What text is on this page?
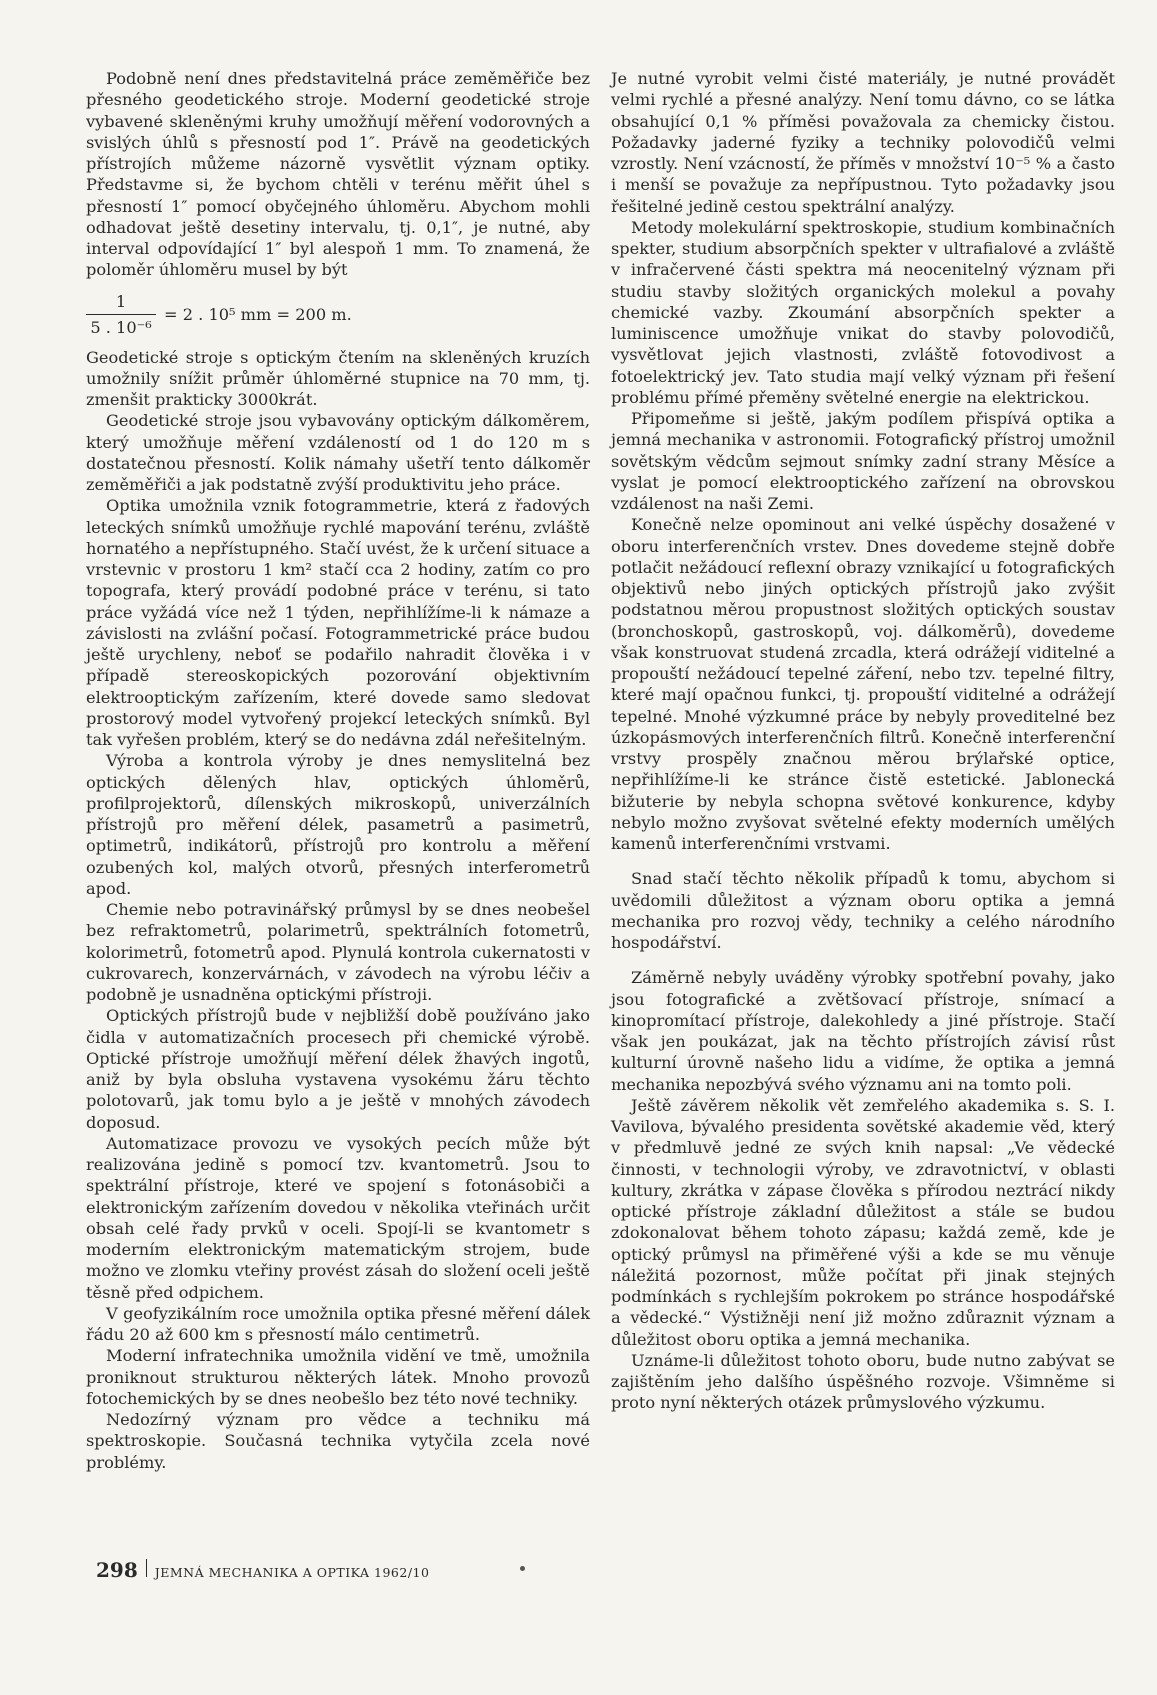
Podobně není dnes představitelná práce zeměměřiče bez přesného geodetického stroje. Moderní geodetické stroje vybavené skleněnými kruhy umožňují měření vodorovných a svislých úhlů s přesností pod 1″. Právě na geodetických přístrojích můžeme názorně vysvětlit význam optiky. Představme si, že bychom chtěli v terénu měřit úhel s přesností 1″ pomocí obyčejného úhloměru. Abychom mohli odhadovat ještě desetiny intervalu, tj. 0,1″, je nutné, aby interval odpovídající 1″ byl alespoň 1 mm. To znamená, že poloměr úhloměru musel by být

$\frac{1}{\text{5 . 10⁻⁶}} = 2$ . 10⁵ mm = 200 m.

Geodetické stroje s optickým čtením na skleněných kruzích umožnily snížit průměr úhloměrné stupnice na 70 mm, tj. zmenšit prakticky 3000krát.

Geodetické stroje jsou vybavovány optickým dálkoměrem, který umožňuje měření vzdáleností od 1 do 120 m s dostatečnou přesností. Kolik námahy ušetří tento dálkoměr zeměměřiči a jak podstatně zvýší produktivitu jeho práce.

Optika umožnila vznik fotogrammetrie, která z řadových leteckých snímků umožňuje rychlé mapování terénu, zvláště hornatého a nepřístupného. Stačí uvést, že k určení situace a vrstevnic v prostoru 1 km² stačí cca 2 hodiny, zatím co pro topografa, který provádí podobné práce v terénu, si tato práce vyžádá více než 1 týden, nepřihlížíme-li k námaze a závislosti na zvlášní počasí. Fotogrammetrické práce budou ještě urychleny, neboť se podařilo nahradit člověka i v případě stereoskopických pozorování objektivním elektrooptickým zařízením, které dovede samo sledovat prostorový model vytvořený projekcí leteckých snímků. Byl tak vyřešen problém, který se do nedávna zdál neřešitelným.

Výroba a kontrola výroby je dnes nemyslitelná bez optických dělených hlav, optických úhloměrů, profilprojektorů, dílenských mikroskopů, univerzálních přístrojů pro měření délek, pasametrů a pasimetrů, optimetrů, indikátorů, přístrojů pro kontrolu a měření ozubených kol, malých otvorů, přesných interferometrů apod.

Chemie nebo potravinářský průmysl by se dnes neobešel bez refraktometrů, polarimetrů, spektrálních fotometrů, kolorimetrů, fotometrů apod. Plynulá kontrola cukernatosti v cukrovarech, konzervárnách, v závodech na výrobu léčiv a podobně je usnadněna optickými přístroji.

Optických přístrojů bude v nejbližší době používáno jako čidla v automatizačních procesech při chemické výrobě. Optické přístroje umožňují měření délek žhavých ingotů, aniž by byla obsluha vystavena vysokému žáru těchto polotovarů, jak tomu bylo a je ještě v mnohých závodech doposud.

Automatizace provozu ve vysokých pecích může být realizována jedině s pomocí tzv. kvantometrů. Jsou to spektrální přístroje, které ve spojení s fotonásobiči a elektronickým zařízením dovedou v několika vteřinách určit obsah celé řady prvků v oceli. Spojí-li se kvantometr s moderním elektronickým matematickým strojem, bude možno ve zlomku vteřiny provést zásah do složení oceli ještě těsně před odpichem.

V geofyzikálním roce umožnila optika přesné měření dálek řádu 20 až 600 km s přesností málo centimetrů.

Moderní infratechnika umožnila vidění ve tmě, umožnila proniknout strukturou některých látek. Mnoho provozů fotochemických by se dnes neobešlo bez této nové techniky.

Nedozírný význam pro vědce a techniku má spektroskopie. Současná technika vytyčila zcela nové problémy.

Je nutné vyrobit velmi čisté materiály, je nutné provádět velmi rychlé a přesné analýzy. Není tomu dávno, co se látka obsahující 0,1 % příměsi považovala za chemicky čistou. Požadavky jaderné fyziky a techniky polovodičů velmi vzrostly. Není vzácností, že příměs v množství 10⁻⁵ % a často i menší se považuje za nepřípustnou. Tyto požadavky jsou řešitelné jedině cestou spektrální analýzy.

Metody molekulární spektroskopie, studium kombinačních spekter, studium absorpčních spekter v ultrafialové a zvláště v infračervené části spektra má neocenitelný význam při studiu stavby složitých organických molekul a povahy chemické vazby. Zkoumání absorpčních spekter a luminiscence umožňuje vnikat do stavby polovodičů, vysvětlovat jejich vlastnosti, zvláště fotovodivost a fotoelektrický jev. Tato studia mají velký význam při řešení problému přímé přeměny světelné energie na elektrickou.

Připomeňme si ještě, jakým podílem přispívá optika a jemná mechanika v astronomii. Fotografický přístroj umožnil sovětským vědcům sejmout snímky zadní strany Měsíce a vyslat je pomocí elektrooptického zařízení na obrovskou vzdálenost na naši Zemi.

Konečně nelze opominout ani velké úspěchy dosažené v oboru interferenčních vrstev. Dnes dovedeme stejně dobře potlačit nežádoucí reflexní obrazy vznikající u fotografických objektivů nebo jiných optických přístrojů jako zvýšit podstatnou měrou propustnost složitých optických soustav (bronchoskopů, gastroskopů, voj. dálkoměrů), dovedeme však konstruovat studená zrcadla, která odrážejí viditelné a propouští nežádoucí tepelné záření, nebo tzv. tepelné filtry, které mají opačnou funkci, tj. propouští viditelné a odrážejí tepelné. Mnohé výzkumné práce by nebyly proveditelné bez úzkopásmových interferenčních filtrů. Konečně interferenční vrstvy prospěly značnou měrou brýlařské optice, nepřihlížíme-li ke stránce čistě estetické. Jablonecká bižuterie by nebyla schopna světové konkurence, kdyby nebylo možno zvyšovat světelné efekty moderních umělých kamenů interferenčními vrstvami.

Snad stačí těchto několik případů k tomu, abychom si uvědomili důležitost a význam oboru optika a jemná mechanika pro rozvoj vědy, techniky a celého národního hospodářství.

Záměrně nebyly uváděny výrobky spotřební povahy, jako jsou fotografické a zvětšovací přístroje, snímací a kinopromítací přístroje, dalekohledy a jiné přístroje. Stačí však jen poukázat, jak na těchto přístrojích závisí růst kulturní úrovně našeho lidu a vidíme, že optika a jemná mechanika nepozbývá svého významu ani na tomto poli.

Ještě závěrem několik vět zemřelého akademika s. S. I. Vavilova, bývalého presidenta sovětské akademie věd, který v předmluvě jedné ze svých knih napsal: „Ve vědecké činnosti, v technologii výroby, ve zdravotnictví, v oblasti kultury, zkrátka v zápase člověka s přírodou neztrácí nikdy optické přístroje základní důležitost a stále se budou zdokonalovat během tohoto zápasu; každá země, kde je optický průmysl na přiměřené výši a kde se mu věnuje náležitá pozornost, může počítat při jinak stejných podmínkách s rychlejším pokrokem po stránce hospodářské a vědecké.“ Výstižněji není již možno zdůraznit význam a důležitost oboru optika a jemná mechanika.

Uznáme-li důležitost tohoto oboru, bude nutno zabývat se zajištěním jeho dalšího úspěšného rozvoje. Všimněme si proto nyní některých otázek průmyslového výzkumu.

298 JEMNÁ MECHANIKA A OPTIKA 1962/10
